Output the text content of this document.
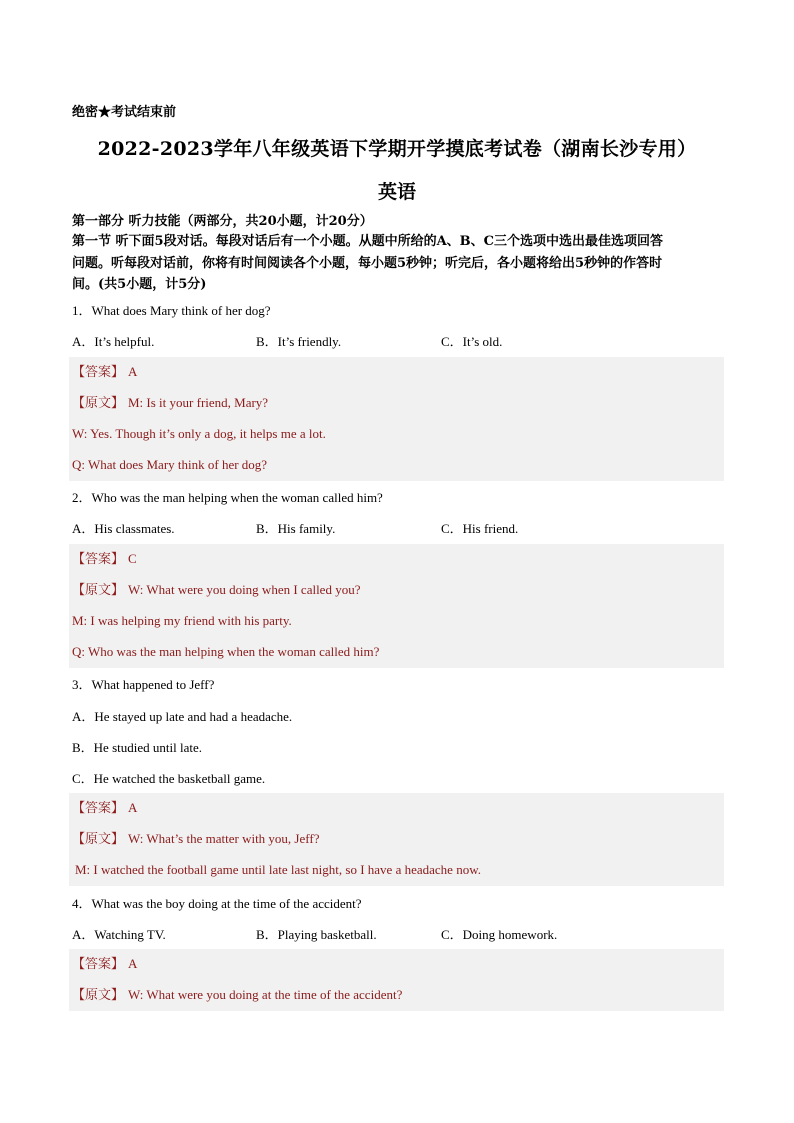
绝密★考试结束前
2022-2023学年八年级英语下学期开学摸底考试卷（湖南长沙专用）
英语
第一部分 听力技能（两部分，共20小题，计20分）
第一节 听下面5段对话。每段对话后有一个小题。从题中所给的A、B、C三个选项中选出最佳选项回答
问题。听每段对话前，你将有时间阅读各个小题，每小题5秒钟；听完后，各小题将给出5秒钟的作答时
间。(共5小题，计5分)
1．What does Mary think of her dog?
A．It’s helpful.	B．It’s friendly.	C．It’s old.
【答案】 A
【原文】 M: Is it your friend, Mary?
W: Yes. Though it’s only a dog, it helps me a lot.
Q: What does Mary think of her dog?
2．Who was the man helping when the woman called him?
A．His classmates.	B．His family.	C．His friend.
【答案】 C
【原文】 W: What were you doing when I called you?
M: I was helping my friend with his party.
Q: Who was the man helping when the woman called him?
3．What happened to Jeff?
A．He stayed up late and had a headache.
B．He studied until late.
C．He watched the basketball game.
【答案】 A
【原文】 W: What’s the matter with you, Jeff?
M: I watched the football game until late last night, so I have a headache now.
4．What was the boy doing at the time of the accident?
A．Watching TV.	B．Playing basketball.	C．Doing homework.
【答案】 A
【原文】 W: What were you doing at the time of the accident?
